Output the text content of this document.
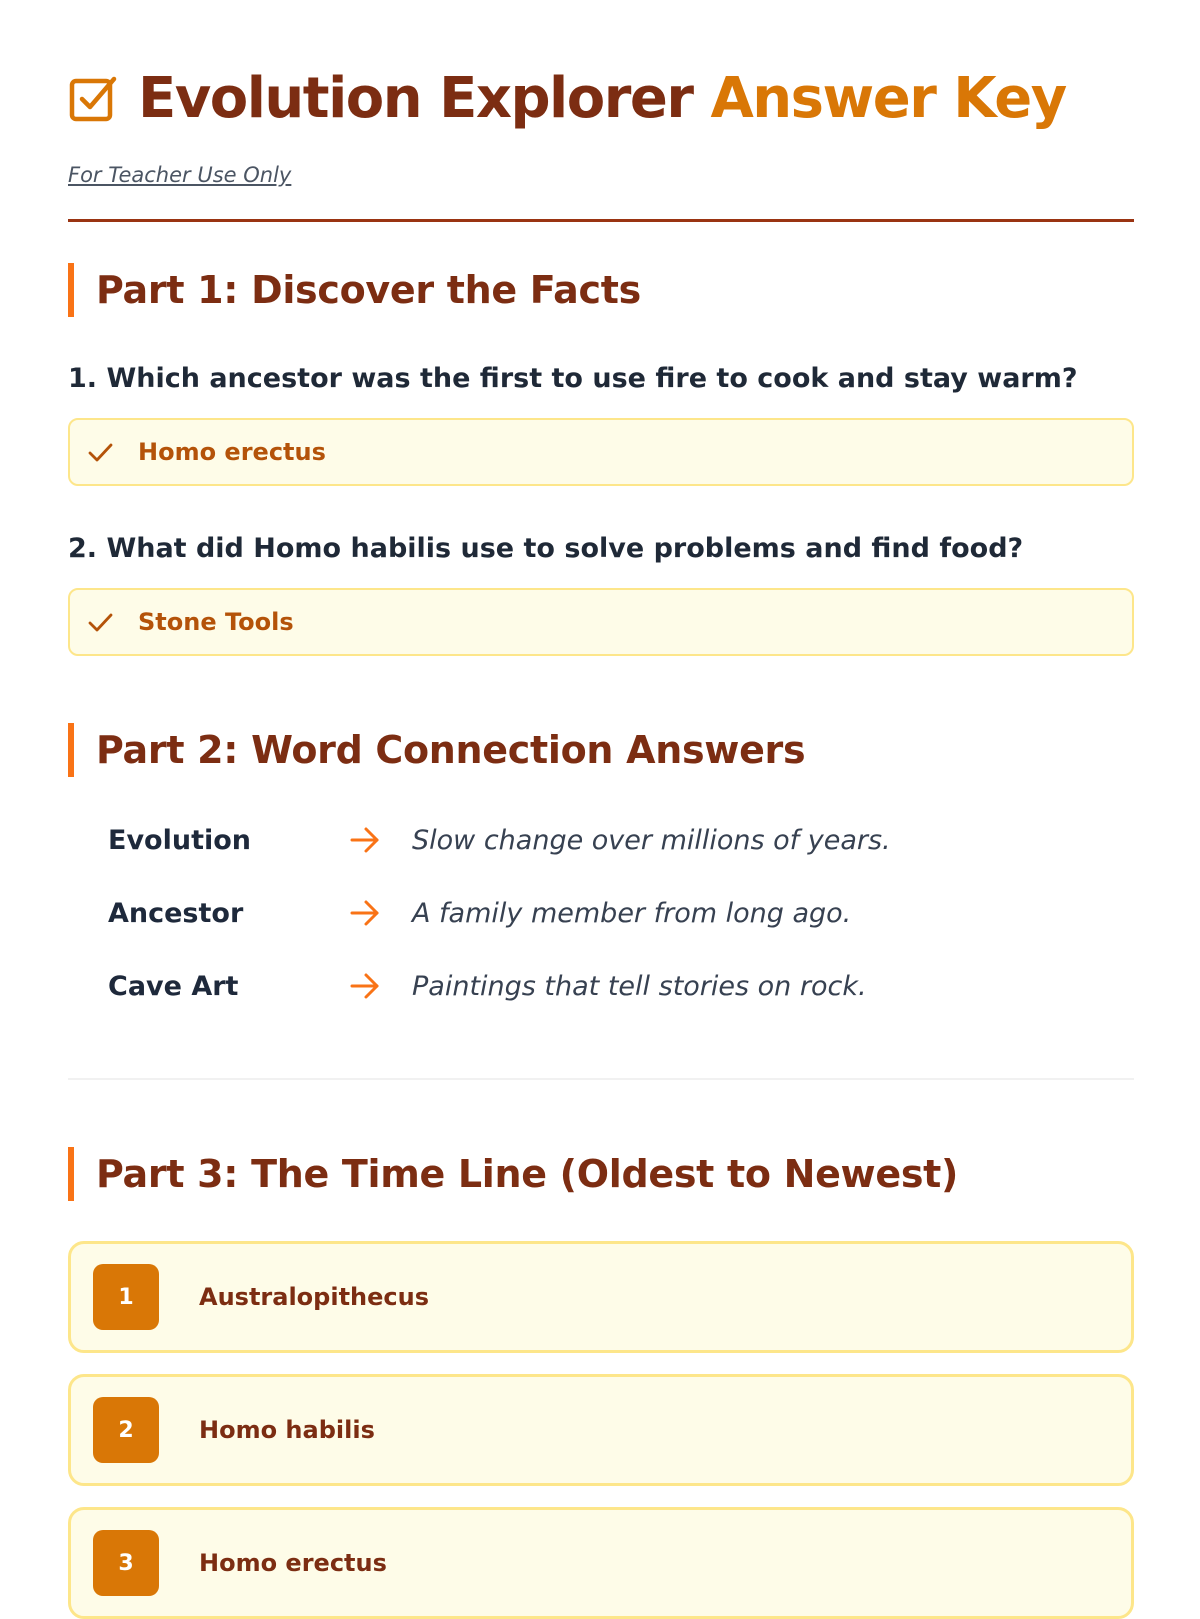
Evolution Explorer Answer Key
For Teacher Use Only
Part 1: Discover the Facts
1. Which ancestor was the first to use fire to cook and stay warm?
Homo erectus
2. What did Homo habilis use to solve problems and find food?
Stone Tools
Part 2: Word Connection Answers
Evolution	Slow change over millions of years.
Ancestor	A family member from long ago.
Cave Art	Paintings that tell stories on rock.
Part 3: The Time Line (Oldest to Newest)
1	Australopithecus
2	Homo habilis
3	Homo erectus
